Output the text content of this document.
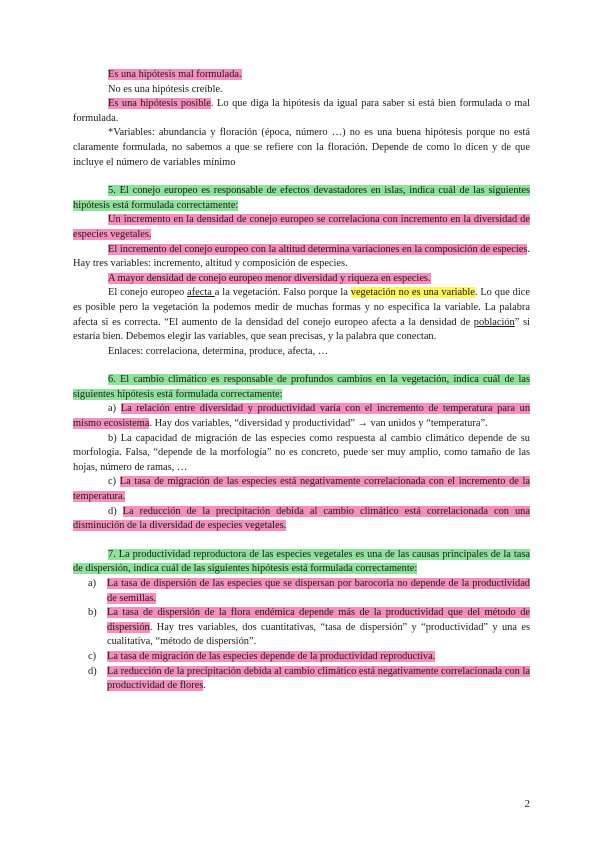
Es una hipótesis mal formulada.

No es una hipótesis creíble.

Es una hipótesis posible. Lo que diga la hipótesis da igual para saber si está bien formulada o mal formulada.

*Variables: abundancia y floración (época, número …) no es una buena hipótesis porque no está claramente formulada, no sabemos a que se refiere con la floración. Depende de como lo dicen y de que incluye el número de variables mínimo

5. El conejo europeo es responsable de efectos devastadores en islas, indica cuál de las siguientes hipótesis está formulada correctamente:

Un incremento en la densidad de conejo europeo se correlaciona con incremento en la diversidad de especies vegetales.

El incremento del conejo europeo con la altitud determina variaciones en la composición de especies. Hay tres variables: incremento, altitud y composición de especies.

A mayor densidad de conejo europeo menor diversidad y riqueza en especies.

El conejo europeo afecta a la vegetación. Falso porque la vegetación no es una variable. Lo que dice es posible pero la vegetación la podemos medir de muchas formas y no especifica la variable. La palabra afecta si es correcta. “El aumento de la densidad del conejo europeo afecta a la densidad de población” si estaría bien. Debemos elegir las variables, que sean precisas, y la palabra que conectan.

Enlaces: correlaciona, determina, produce, afecta, …

6. El cambio climático es responsable de profundos cambios en la vegetación, indica cuál de las siguientes hipótesis está formulada correctamente:

a) La relación entre diversidad y productividad varía con el incremento de temperatura para un mismo ecosistema. Hay dos variables, “diversidad y productividad” → van unidos y “temperatura”.

b) La capacidad de migración de las especies como respuesta al cambio climático depende de su morfología. Falsa, “depende de la morfología” no es concreto, puede ser muy amplio, como tamaño de las hojas, número de ramas, …

c) La tasa de migración de las especies está negativamente correlacionada con el incremento de la temperatura.

d) La reducción de la precipitación debida al cambio climático está correlacionada con una disminución de la diversidad de especies vegetales.

7. La productividad reproductora de las especies vegetales es una de las causas principales de la tasa de dispersión, indica cuál de las siguientes hipótesis está formulada correctamente:

a) La tasa de dispersión de las especies que se dispersan por barocoria no depende de la productividad de semillas.
b) La tasa de dispersión de la flora endémica depende más de la productividad que del método de dispersión. Hay tres variables, dos cuantitativas, “tasa de dispersión” y “productividad” y una es cualitativa, “método de dispersión”.
c) La tasa de migración de las especies depende de la productividad reproductiva.
d) La reducción de la precipitación debida al cambio climático está negativamente correlacionada con la productividad de flores.
2
